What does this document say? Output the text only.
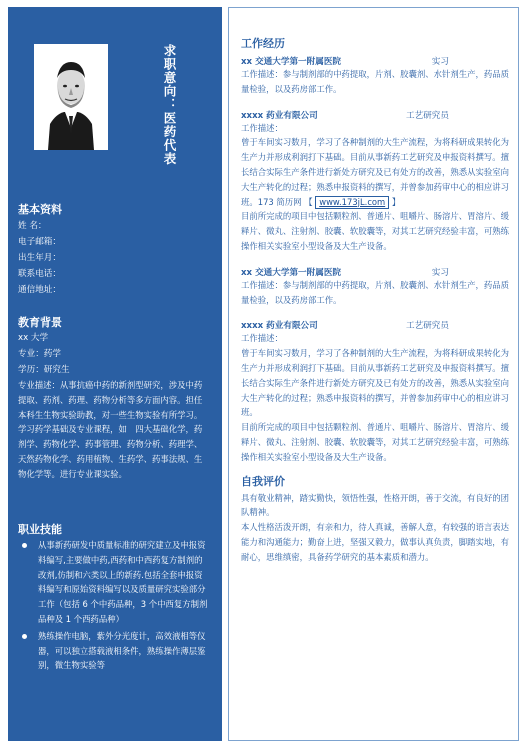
求职意向：医药代表
基本资料
姓 名：
电子邮箱：
出生年月：
联系电话：
通信地址：
教育背景
xx 大学
专业：药学
学历：研究生
专业描述：从事抗癌中药的新剂型研究，涉及中药提取、药剂、药理、药物分析等多方面内容。担任本科生生物实验助教，对一些生物实验有所学习。学习药学基础及专业课程，如　四大基础化学，药剂学、药物化学、药事管理、药物分析、药理学、天然药物化学、药用植物、生药学、药事法规、生物化学等。进行专业课实验。
职业技能
从事新药研发中质量标准的研究建立及申报资料编写,主要做中药,西药和中西药复方制剂的改剂,仿制和六类以上的新药.包括全套申报资料编写和原始资料编写以及质量研究实验部分工作（包括 6 个中药品种，3 个中西复方制剂品种及 1 个西药品种）
熟练操作电脑，紫外分光度计，高效液相等仪器，可以独立搭载液相条件，熟练操作薄层鉴别，微生物实验等
工作经历
xx 交通大学第一附属医院	实习

工作描述：参与制剂部的中药提取，片剂、胶囊剂、水针剂生产，药品质量检验，以及药房部工作。

xxxx 药业有限公司	工艺研究员

工作描述：

曾于车间实习数月，学习了各种制剂的大生产流程，为将科研成果转化为生产力并形成利润打下基础。目前从事新药工艺研究及申报资料撰写。擅长结合实际生产条件进行新处方研究及已有处方的改善，熟悉从实验室向大生产转化的过程；熟悉申报资料的撰写，并曾参加药审中心的相应讲习班。173 简历网 【 www.173jL.com 】

目前所完成的项目中包括颗粒剂、普通片、咀嚼片、肠溶片、胃溶片、缓释片、微丸、注射剂、胶囊、软胶囊等，对其工艺研究经验丰富，可熟练操作相关实验室小型设备及大生产设备。

xx 交通大学第一附属医院	实习

工作描述：参与制剂部的中药提取，片剂、胶囊剂、水针剂生产，药品质量检验，以及药房部工作。

xxxx 药业有限公司	工艺研究员

工作描述：

曾于车间实习数月，学习了各种制剂的大生产流程，为将科研成果转化为生产力并形成利润打下基础。目前从事新药工艺研究及申报资料撰写。擅长结合实际生产条件进行新处方研究及已有处方的改善，熟悉从实验室向大生产转化的过程；熟悉申报资料的撰写，并曾参加药审中心的相应讲习班。

目前所完成的项目中包括颗粒剂、普通片、咀嚼片、肠溶片、胃溶片、缓释片、微丸、注射剂、胶囊、软胶囊等，对其工艺研究经验丰富，可熟练操作相关实验室小型设备及大生产设备。

自我评价

具有敬业精神，踏实勤快，领悟性强，性格开朗，善于交流，有良好的团队精神。

本人性格活泼开朗，有亲和力，待人真诚，善解人意，有较强的语言表达能力和沟通能力；勤奋上进，坚强又毅力，做事认真负责，脚踏实地，有耐心，思维缜密，具备药学研究的基本素质和潜力。
